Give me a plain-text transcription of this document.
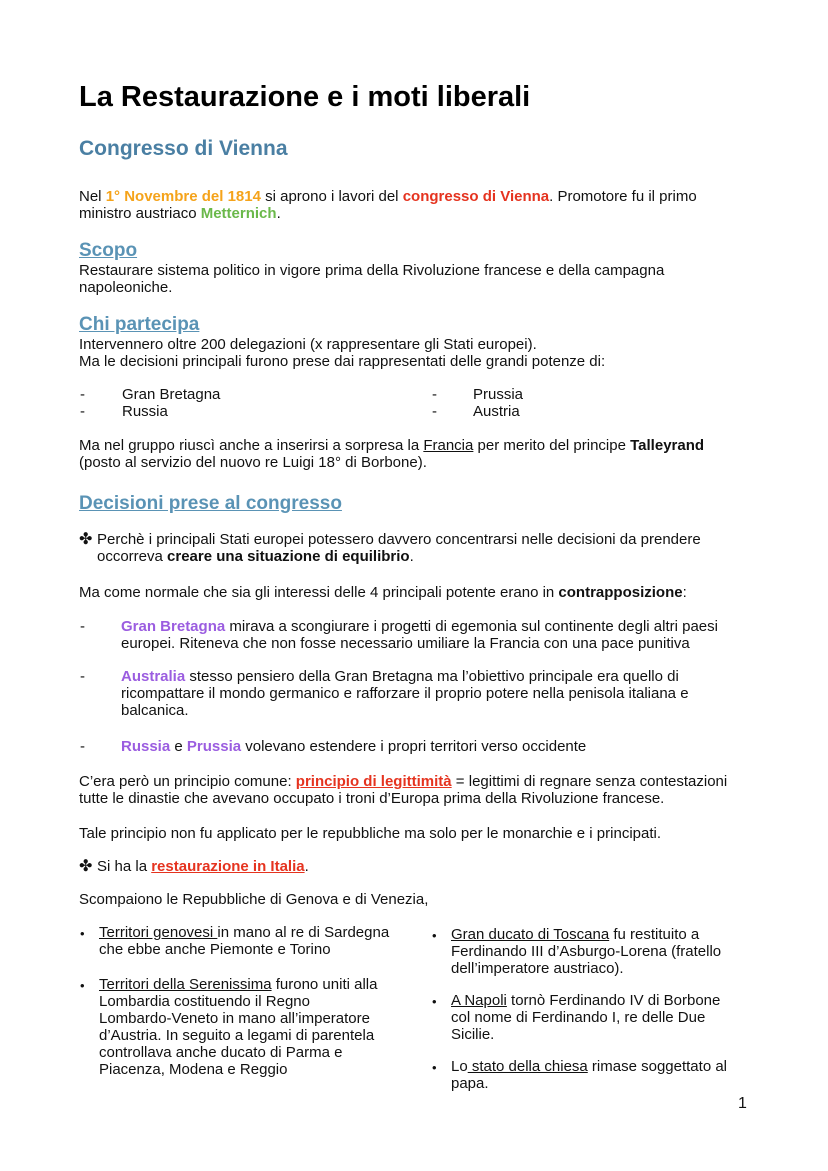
La Restaurazione e i moti liberali
Congresso di Vienna
Nel 1° Novembre del 1814 si aprono i lavori del congresso di Vienna. Promotore fu il primo
ministro austriaco Metternich.
Scopo
Restaurare sistema politico in vigore prima della Rivoluzione francese e della campagna
napoleoniche.
Chi partecipa
Intervennero oltre 200 delegazioni (x rappresentare gli Stati europei).
Ma le decisioni principali furono prese dai rappresentati delle grandi potenze di:
- Gran Bretagna
- Russia
- Prussia
- Austria
Ma nel gruppo riuscì anche a inserirsi a sorpresa la Francia per merito del principe Talleyrand
(posto al servizio del nuovo re Luigi 18° di Borbone).
Decisioni prese al congresso
✤ Perchè i principali Stati europei potessero davvero concentrarsi nelle decisioni da prendere
occorreva creare una situazione di equilibrio.
Ma come normale che sia gli interessi delle 4 principali potente erano in contrapposizione:
- Gran Bretagna mirava a scongiurare i progetti di egemonia sul continente degli altri paesi
europei. Riteneva che non fosse necessario umiliare la Francia con una pace punitiva
- Australia stesso pensiero della Gran Bretagna ma l’obiettivo principale era quello di
ricompattare il mondo germanico e rafforzare il proprio potere nella penisola italiana e
balcanica.
- Russia e Prussia volevano estendere i propri territori verso occidente
C’era però un principio comune: principio di legittimità = legittimi di regnare senza contestazioni
tutte le dinastie che avevano occupato i troni d’Europa prima della Rivoluzione francese.
Tale principio non fu applicato per le repubbliche ma solo per le monarchie e i principati.
✤ Si ha la restaurazione in Italia.
Scompaiono le Repubbliche di Genova e di Venezia,
• Territori genovesi in mano al re di Sardegna
che ebbe anche Piemonte e Torino
• Territori della Serenissima furono uniti alla
Lombardia costituendo il Regno
Lombardo-Veneto in mano all’imperatore
d’Austria. In seguito a legami di parentela
controllava anche ducato di Parma e
Piacenza, Modena e Reggio
• Gran ducato di Toscana fu restituito a
Ferdinando III d’Asburgo-Lorena (fratello
dell’imperatore austriaco).
• A Napoli tornò Ferdinando IV di Borbone
col nome di Ferdinando I, re delle Due
Sicilie.
• Lo stato della chiesa rimase soggettato al
papa.
1
